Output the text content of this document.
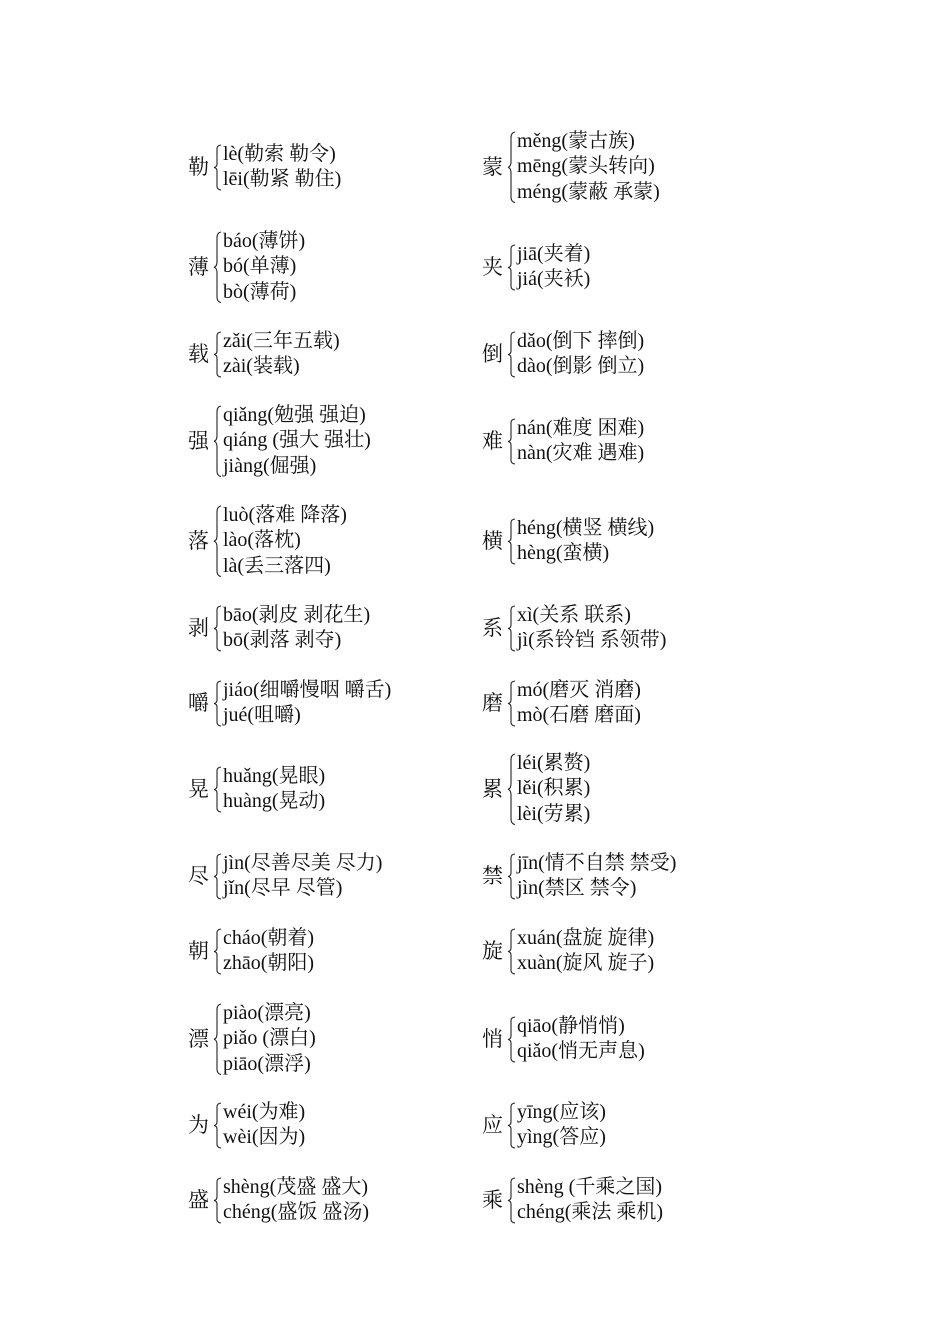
勒
lè(勒索 勒令)
lēi(勒紧 勒住)
薄
báo(薄饼)
bó(单薄)
bò(薄荷)
载
zǎi(三年五载)
zài(装载)
强
qiǎng(勉强 强迫)
qiáng (强大 强壮)
jiàng(倔强)
落
luò(落难 降落)
lào(落枕)
là(丢三落四)
剥
bāo(剥皮 剥花生)
bō(剥落 剥夺)
嚼
jiáo(细嚼慢咽 嚼舌)
jué(咀嚼)
晃
huǎng(晃眼)
huàng(晃动)
尽
jìn(尽善尽美 尽力)
jǐn(尽早 尽管)
朝
cháo(朝着)
zhāo(朝阳)
漂
piào(漂亮)
piǎo (漂白)
piāo(漂浮)
为
wéi(为难)
wèi(因为)
盛
shèng(茂盛 盛大)
chéng(盛饭 盛汤)
蒙
měng(蒙古族)
mēng(蒙头转向)
méng(蒙蔽 承蒙)
夹
jiā(夹着)
jiá(夹袄)
倒
dǎo(倒下 摔倒)
dào(倒影 倒立)
难
nán(难度 困难)
nàn(灾难 遇难)
横
héng(横竖 横线)
hèng(蛮横)
系
xì(关系 联系)
jì(系铃铛 系领带)
磨
mó(磨灭 消磨)
mò(石磨 磨面)
累
léi(累赘)
lěi(积累)
lèi(劳累)
禁
jīn(情不自禁 禁受)
jìn(禁区 禁令)
旋
xuán(盘旋 旋律)
xuàn(旋风 旋子)
悄
qiāo(静悄悄)
qiǎo(悄无声息)
应
yīng(应该)
yìng(答应)
乘
shèng (千乘之国)
chéng(乘法 乘机)
